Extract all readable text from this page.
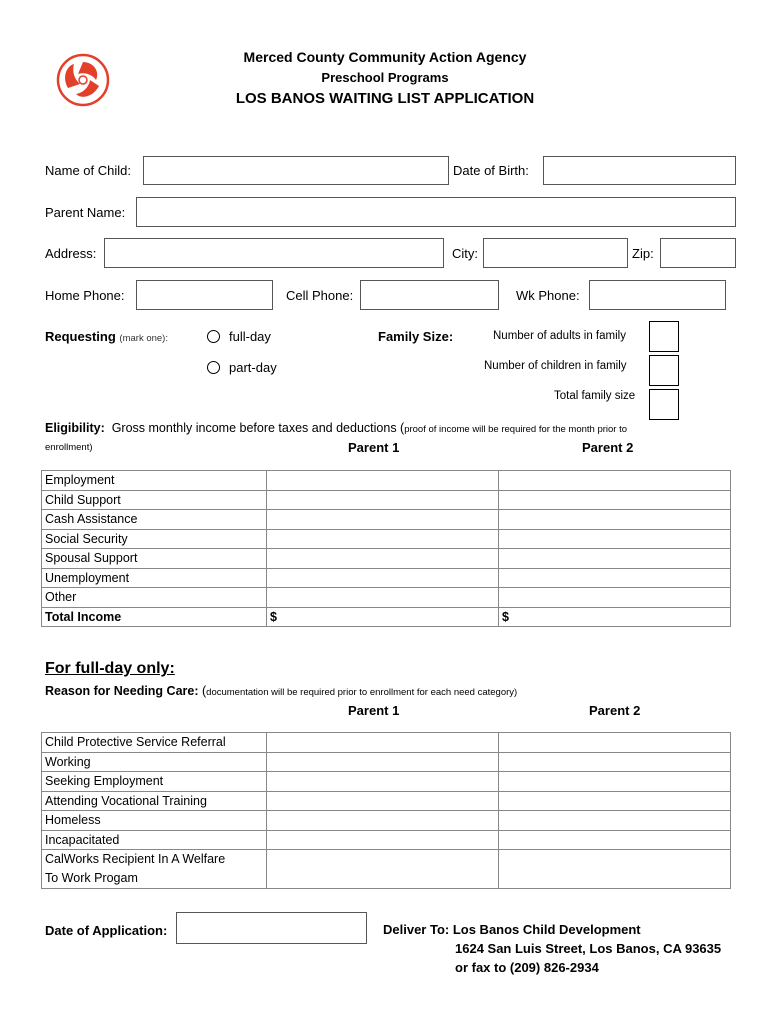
Merced County Community Action Agency
Preschool Programs
LOS BANOS WAITING LIST APPLICATION
Name of Child:	Date of Birth:
Parent Name:
Address:	City:	Zip:
Home Phone:	Cell Phone:	Wk Phone:
Requesting (mark one):	full-day
part-day
Family Size:	Number of adults in family
Number of children in family
Total family size
Eligibility: Gross monthly income before taxes and deductions (proof of income will be required for the month prior to
enrollment)	Parent 1	Parent 2
Employment		
Child Support		
Cash Assistance		
Social Security		
Spousal Support		
Unemployment		
Other		
Total Income	$	$
For full-day only:
Reason for Needing Care: (documentation will be required prior to enrollment for each need category)
Parent 1	Parent 2
Child Protective Service Referral		
Working		
Seeking Employment		
Attending Vocational Training		
Homeless		
Incapacitated		
CalWorks Recipient In A Welfare
To Work Progam		
Date of Application:	Deliver To: Los Banos Child Development
1624 San Luis Street, Los Banos, CA 93635
or fax to (209) 826-2934
